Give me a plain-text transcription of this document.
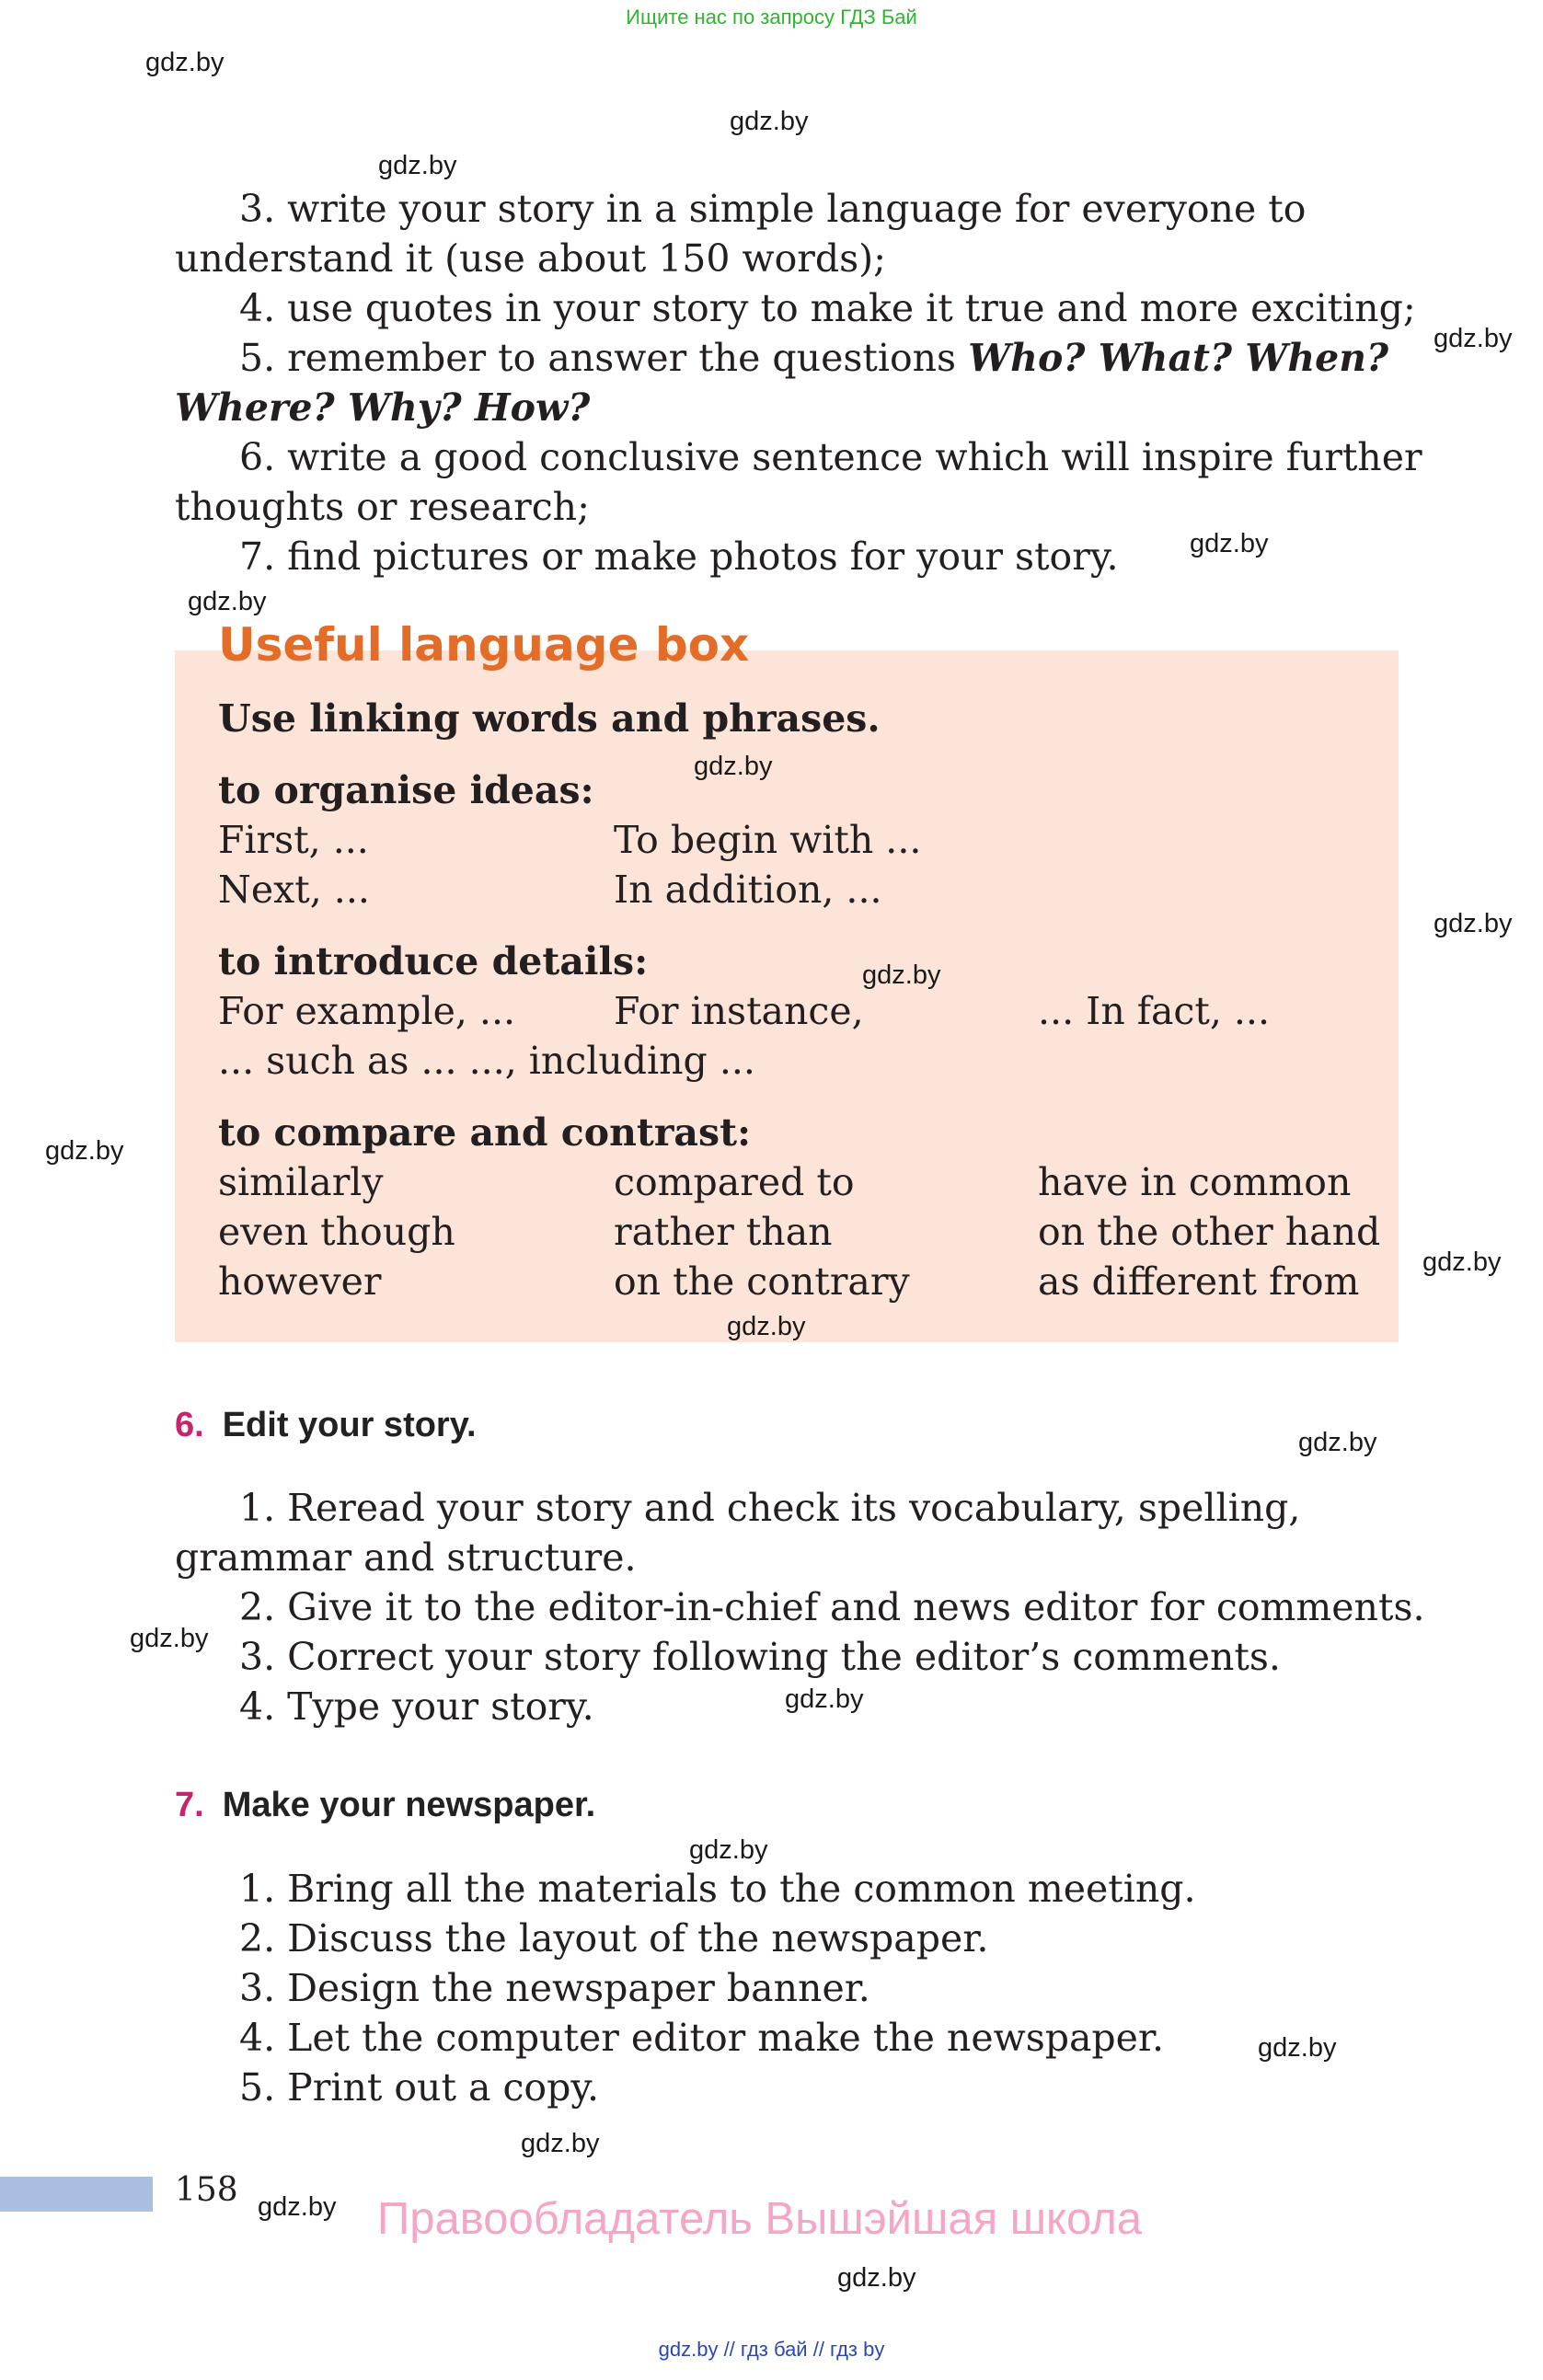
Ищите нас по запросу ГДЗ Бай
gdz.by
gdz.by
gdz.by
gdz.by
gdz.by
gdz.by
3. write your story in a simple language for everyone to
understand it (use about 150 words);
4. use quotes in your story to make it true and more exciting;
5. remember to answer the questions Who? What? When?
Where? Why? How?
6. write a good conclusive sentence which will inspire further
thoughts or research;
7. find pictures or make photos for your story.
Useful language box
Use linking words and phrases.
gdz.by
gdz.by
gdz.by
gdz.by
gdz.by
gdz.by
to organise ideas:
First, ...	To begin with ...
Next, ...	In addition, ...
to introduce details:
For example, ...	For instance,	... In fact, ...
... such as ... ..., including ...
to compare and contrast:
similarly	compared to	have in common
even though	rather than	on the other hand
however	on the contrary	as different from
6. Edit your story.	gdz.by
1. Reread your story and check its vocabulary, spelling,
grammar and structure.
2. Give it to the editor-in-chief and news editor for comments.
gdz.by 3. Correct your story following the editor’s comments.
4. Type your story.	gdz.by
7. Make your newspaper.
gdz.by
1. Bring all the materials to the common meeting.
2. Discuss the layout of the newspaper.
3. Design the newspaper banner.
4. Let the computer editor make the newspaper.	gdz.by
5. Print out a copy.
gdz.by
158 gdz.by Правообладатель Вышэйшая школа
gdz.by
gdz.by // гдз бай // гдз by
